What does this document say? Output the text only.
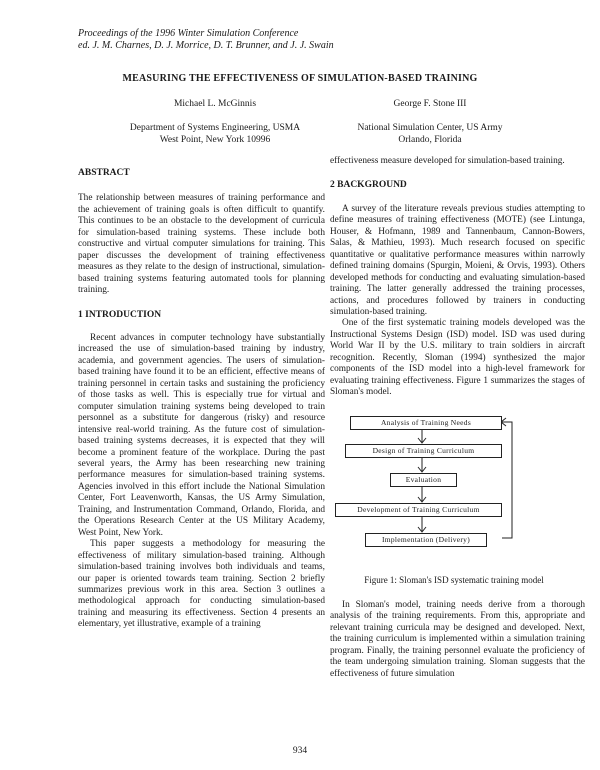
Proceedings of the 1996 Winter Simulation Conference
ed. J. M. Charnes, D. J. Morrice, D. T. Brunner, and J. J. Swain
MEASURING THE EFFECTIVENESS OF SIMULATION-BASED TRAINING
Michael L. McGinnis
Department of Systems Engineering, USMA
West Point, New York 10996
George F. Stone III
National Simulation Center, US Army
Orlando, Florida
ABSTRACT

The relationship between measures of training performance and the achievement of training goals is often difficult to quantify. This continues to be an obstacle to the development of curricula for simulation-based training systems. These include both constructive and virtual computer simulations for training. This paper discusses the development of training effectiveness measures as they relate to the design of instructional, simulation-based training systems featuring automated tools for planning training.

1 INTRODUCTION

Recent advances in computer technology have substantially increased the use of simulation-based training by industry, academia, and government agencies. The users of simulation-based training have found it to be an efficient, effective means of training personnel in certain tasks and sustaining the proficiency of those tasks as well. This is especially true for virtual and computer simulation training systems being developed to train personnel as a substitute for dangerous (risky) and resource intensive real-world training. As the future cost of simulation-based training systems decreases, it is expected that they will become a prominent feature of the workplace. During the past several years, the Army has been researching new training performance measures for simulation-based training systems. Agencies involved in this effort include the National Simulation Center, Fort Leavenworth, Kansas, the US Army Simulation, Training, and Instrumentation Command, Orlando, Florida, and the Operations Research Center at the US Military Academy, West Point, New York.

This paper suggests a methodology for measuring the effectiveness of military simulation-based training. Although simulation-based training involves both individuals and teams, our paper is oriented towards team training. Section 2 briefly summarizes previous work in this area. Section 3 outlines a methodological approach for conducting simulation-based training and measuring its effectiveness. Section 4 presents an elementary, yet illustrative, example of a training

effectiveness measure developed for simulation-based training.

2 BACKGROUND

A survey of the literature reveals previous studies attempting to define measures of training effectiveness (MOTE) (see Lintunga, Houser, & Hofmann, 1989 and Tannenbaum, Cannon-Bowers, Salas, & Mathieu, 1993). Much research focused on specific quantitative or qualitative performance measures within narrowly defined training domains (Spurgin, Moieni, & Orvis, 1993). Others developed methods for conducting and evaluating simulation-based training. The latter generally addressed the training processes, actions, and procedures followed by trainers in conducting simulation-based training.

One of the first systematic training models developed was the Instructional Systems Design (ISD) model. ISD was used during World War II by the U.S. military to train soldiers in aircraft recognition. Recently, Sloman (1994) synthesized the major components of the ISD model into a high-level framework for evaluating training effectiveness. Figure 1 summarizes the stages of Sloman's model.

Analysis of Training Needs
Design of Training Curriculum
Evaluation
Development of Training Curriculum
Implementation (Delivery)
Figure 1: Sloman's ISD systematic training model

In Sloman's model, training needs derive from a thorough analysis of the training requirements. From this, appropriate and relevant training curricula may be designed and developed. Next, the training curriculum is implemented within a simulation training program. Finally, the training personnel evaluate the proficiency of the team undergoing simulation training. Sloman suggests that the effectiveness of future simulation

934
